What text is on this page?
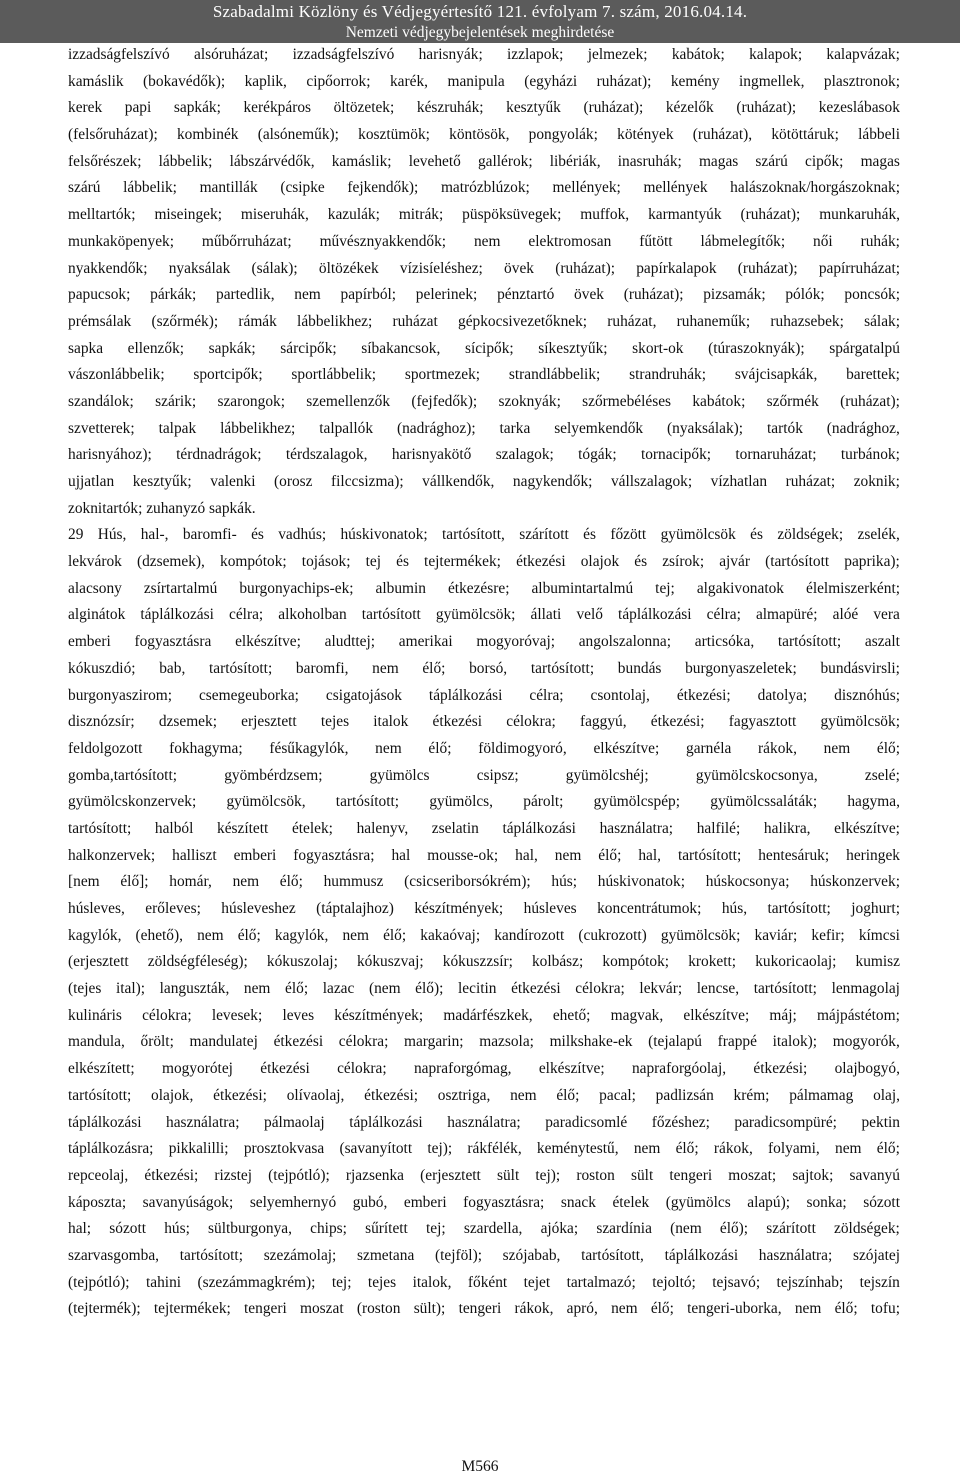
Szabadalmi Közlöny és Védjegyértesítő 121. évfolyam 7. szám, 2016.04.14.
Nemzeti védjegybejelentések meghirdetése
izzadságfelszívó alsóruházat; izzadságfelszívó harisnyák; izzlapok; jelmezek; kabátok; kalapok; kalapvázak;
kamáslik (bokavédők); kaplik, cipőorrok; karék, manipula (egyházi ruházat); kemény ingmellek, plasztronok;
kerek papi sapkák; kerékpáros öltözetek; készruhák; kesztyűk (ruházat); kézelők (ruházat); kezeslábasok
(felsőruházat); kombinék (alsóneműk); kosztümök; köntösök, pongyolák; kötények (ruházat), kötöttáruk; lábbeli
felsőrészek; lábbelik; lábszárvédők, kamáslik; levehető gallérok; libériák, inasruhák; magas szárú cipők; magas
szárú lábbelik; mantillák (csipke fejkendők); matrózblúzok; mellények; mellények halászoknak/horgászoknak;
melltartók; miseingek; miseruhák, kazulák; mitrák; püspöksüvegek; muffok, karmantyúk (ruházat); munkaruhák,
munkaköpenyek; műbőrruházat; művésznyakkendők; nem elektromosan fűtött lábmelegítők; női ruhák;
nyakkendők; nyaksálak (sálak); öltözékek vízisíeléshez; övek (ruházat); papírkalapok (ruházat); papírruházat;
papucsok; párkák; partedlik, nem papírból; pelerinek; pénztartó övek (ruházat); pizsamák; pólók; poncsók;
prémsálak (szőrmék); rámák lábbelikhez; ruházat gépkocsivezetőknek; ruházat, ruhaneműk; ruhazsebek; sálak;
sapka ellenzők; sapkák; sárcipők; síbakancsok, sícipők; síkesztyűk; skort-ok (túraszoknyák); spárgatalpú
vászonlábbelik; sportcipők; sportlábbelik; sportmezek; strandlábbelik; strandruhák; svájcisapkák, barettek;
szandálok; szárik; szarongok; szemellenzők (fejfedők); szoknyák; szőrmebéléses kabátok; szőrmék (ruházat);
szvetterek; talpak lábbelikhez; talpallók (nadrághoz); tarka selyemkendők (nyaksálak); tartók (nadrághoz,
harisnyához); térdnadrágok; térdszalagok, harisnyakötő szalagok; tógák; tornacipők; tornaruházat; turbánok;
ujjatlan kesztyűk; valenki (orosz filccsizma); vállkendők, nagykendők; vállszalagok; vízhatlan ruházat; zoknik;
zoknitartók; zuhanyzó sapkák.
29 Hús, hal-, baromfi- és vadhús; húskivonatok; tartósított, szárított és főzött gyümölcsök és zöldségek; zselék,
lekvárok (dzsemek), kompótok; tojások; tej és tejtermékek; étkezési olajok és zsírok; ajvár (tartósított paprika);
alacsony zsírtartalmú burgonyachips-ek; albumin étkezésre; albumintartalmú tej; algakivonatok élelmiszerként;
alginátok táplálkozási célra; alkoholban tartósított gyümölcsök; állati velő táplálkozási célra; almapüré; alóé vera
emberi fogyasztásra elkészítve; aludttej; amerikai mogyoróvaj; angolszalonna; articsóka, tartósított; aszalt
kókuszdió; bab, tartósított; baromfi, nem élő; borsó, tartósított; bundás burgonyaszeletek; bundásvirsli;
burgonyaszirom; csemegeuborka; csigatojások táplálkozási célra; csontolaj, étkezési; datolya; disznóhús;
disznózsír; dzsemek; erjesztett tejes italok étkezési célokra; faggyú, étkezési; fagyasztott gyümölcsök;
feldolgozott fokhagyma; fésűkagylók, nem élő; földimogyoró, elkészítve; garnéla rákok, nem élő;
gomba,tartósított;	gyömbérdzsem;	gyümölcs	csipsz;	gyümölcshéj;	gyümölcskocsonya,	zselé;
gyümölcskonzervek; gyümölcsök, tartósított; gyümölcs, párolt; gyümölcspép; gyümölcssaláták; hagyma,
tartósított; halból készített ételek; halenyv, zselatin táplálkozási használatra; halfilé; halikra, elkészítve;
halkonzervek; halliszt emberi fogyasztásra; hal mousse-ok; hal, nem élő; hal, tartósított; hentesáruk; heringek
[nem élő]; homár, nem élő; hummusz (csicseriborsókrém); hús; húskivonatok; húskocsonya; húskonzervek;
húsleves, erőleves; húsleveshez (táptalajhoz) készítmények; húsleves koncentrátumok; hús, tartósított; joghurt;
kagylók, (ehető), nem élő; kagylók, nem élő; kakaóvaj; kandírozott (cukrozott) gyümölcsök; kaviár; kefir; kímcsi
(erjesztett zöldségféleség); kókuszolaj; kókuszvaj; kókuszzsír; kolbász; kompótok; krokett; kukoricaolaj; kumisz
(tejes ital); languszták, nem élő; lazac (nem élő); lecitin étkezési célokra; lekvár; lencse, tartósított; lenmagolaj
kulináris célokra; levesek; leves készítmények; madárfészkek, ehető; magvak, elkészítve; máj; májpástétom;
mandula, őrölt; mandulatej étkezési célokra; margarin; mazsola; milkshake-ek (tejalapú frappé italok); mogyorók,
elkészített; mogyorótej étkezési célokra; napraforgómag, elkészítve; napraforgóolaj, étkezési; olajbogyó,
tartósított; olajok, étkezési; olívaolaj, étkezési; osztriga, nem élő; pacal; padlizsán krém; pálmamag olaj,
táplálkozási használatra; pálmaolaj táplálkozási használatra; paradicsomlé főzéshez; paradicsompüré; pektin
táplálkozásra; pikkalilli; prosztokvasa (savanyított tej); rákfélék, keménytestű, nem élő; rákok, folyami, nem élő;
repceolaj, étkezési; rizstej (tejpótló); rjazsenka (erjesztett sült tej); roston sült tengeri moszat; sajtok; savanyú
káposzta; savanyúságok; selyemhernyó gubó, emberi fogyasztásra; snack ételek (gyümölcs alapú); sonka; sózott
hal; sózott hús; sültburgonya, chips; sűrített tej; szardella, ajóka; szardínia (nem élő); szárított zöldségek;
szarvasgomba, tartósított; szezámolaj; szmetana (tejföl); szójabab, tartósított, táplálkozási használatra; szójatej
(tejpótló); tahini (szezámmagkrém); tej; tejes italok, főként tejet tartalmazó; tejoltó; tejsavó; tejszínhab; tejszín
(tejtermék); tejtermékek; tengeri moszat (roston sült); tengeri rákok, apró, nem élő; tengeri-uborka, nem élő; tofu;
M566
